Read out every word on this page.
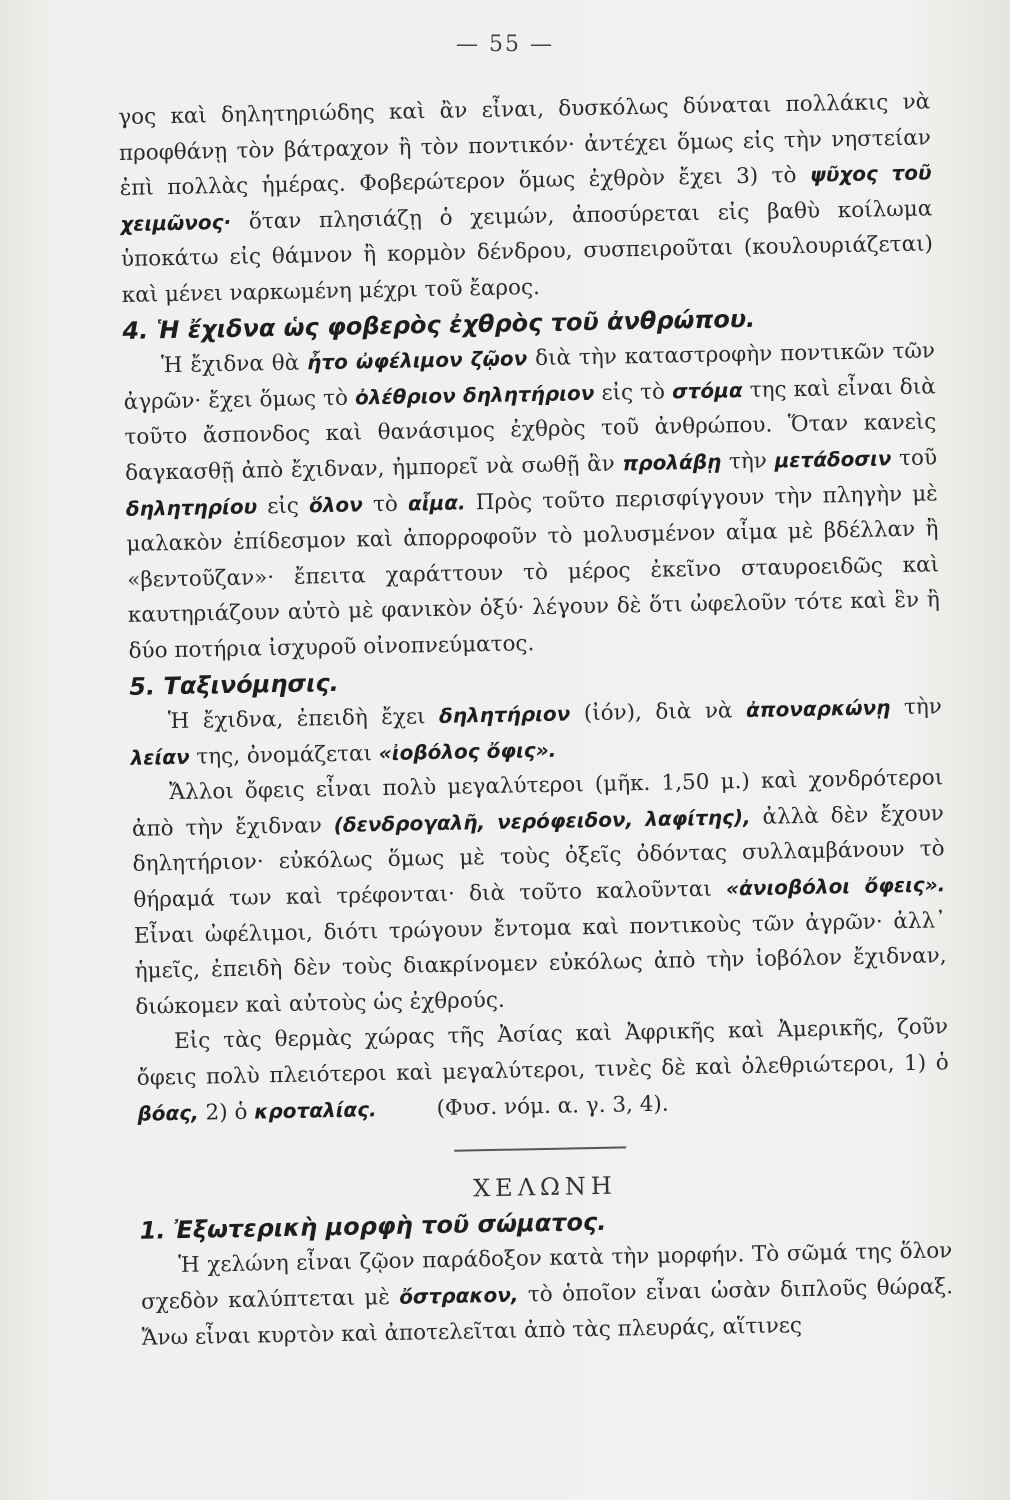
— 55 —

γος καὶ δηλητηριώδης καὶ ἂν εἶναι, δυσκόλως δύναται πολλάκις νὰ προφθάνῃ τὸν βάτραχον ἢ τὸν ποντικόν· ἀντέχει ὅμως εἰς τὴν νηστείαν ἐπὶ πολλὰς ἡμέρας. Φοβερώτερον ὅμως ἐχθρὸν ἔχει 3) τὸ ψῦχος τοῦ χειμῶνος· ὅταν πλησιάζῃ ὁ χειμών, ἀποσύρεται εἰς βαθὺ κοίλωμα ὑποκάτω εἰς θάμνον ἢ κορμὸν δένδρου, συσπειροῦται (κουλουριάζεται) καὶ μένει ναρκωμένη μέχρι τοῦ ἔαρος.

4. Ἡ ἔχιδνα ὡς φοβερὸς ἐχθρὸς τοῦ ἀνθρώπου.

Ἡ ἔχιδνα θὰ ἦτο ὠφέλιμον ζῷον διὰ τὴν καταστροφὴν ποντικῶν τῶν ἀγρῶν· ἔχει ὅμως τὸ ὀλέθριον δηλητήριον εἰς τὸ στόμα της καὶ εἶναι διὰ τοῦτο ἄσπονδος καὶ θανάσιμος ἐχθρὸς τοῦ ἀνθρώπου. Ὅταν κανεὶς δαγκασθῇ ἀπὸ ἔχιδναν, ἠμπορεῖ νὰ σωθῇ ἂν προλάβῃ τὴν μετάδοσιν τοῦ δηλητηρίου εἰς ὅλον τὸ αἷμα. Πρὸς τοῦτο περισφίγγουν τὴν πληγὴν μὲ μαλακὸν ἐπίδεσμον καὶ ἀπορροφοῦν τὸ μολυσμένον αἷμα μὲ βδέλλαν ἢ «βεντοῦζαν»· ἔπειτα χαράττουν τὸ μέρος ἐκεῖνο σταυροειδῶς καὶ καυτηριάζουν αὐτὸ μὲ φανικὸν ὀξύ· λέγουν δὲ ὅτι ὠφελοῦν τότε καὶ ἓν ἢ δύο ποτήρια ἰσχυροῦ οἰνοπνεύματος.

5. Ταξινόμησις.

Ἡ ἔχιδνα, ἐπειδὴ ἔχει δηλητήριον (ἰόν), διὰ νὰ ἀποναρκώνῃ τὴν λείαν της, ὀνομάζεται «ἰοβόλος ὄφις».

Ἄλλοι ὄφεις εἶναι πολὺ μεγαλύτεροι (μῆκ. 1,50 μ.) καὶ χονδρότεροι ἀπὸ τὴν ἔχιδναν (δενδρογαλῆ, νερόφειδον, λαφίτης), ἀλλὰ δὲν ἔχουν δηλητήριον· εὐκόλως ὅμως μὲ τοὺς ὀξεῖς ὀδόντας συλλαμβάνουν τὸ θήραμά των καὶ τρέφονται· διὰ τοῦτο καλοῦνται «ἀνιοβόλοι ὄφεις». Εἶναι ὠφέλιμοι, διότι τρώγουν ἔντομα καὶ ποντικοὺς τῶν ἀγρῶν· ἀλλ᾽ ἡμεῖς, ἐπειδὴ δὲν τοὺς διακρίνομεν εὐκόλως ἀπὸ τὴν ἰοβόλον ἔχιδναν, διώκομεν καὶ αὐτοὺς ὡς ἐχθρούς.

Εἰς τὰς θερμὰς χώρας τῆς Ἀσίας καὶ Ἀφρικῆς καὶ Ἀμερικῆς, ζοῦν ὄφεις πολὺ πλειότεροι καὶ μεγαλύτεροι, τινὲς δὲ καὶ ὀλεθριώτεροι, 1) ὁ βόας, 2) ὁ κροταλίας.	(Φυσ. νόμ. α. γ. 3, 4).

ΧΕΛΩΝΗ

1. Ἐξωτερικὴ μορφὴ τοῦ σώματος.

Ἡ χελώνη εἶναι ζῷον παράδοξον κατὰ τὴν μορφήν. Τὸ σῶμά της ὅλον σχεδὸν καλύπτεται μὲ ὄστρακον, τὸ ὁποῖον εἶναι ὡσὰν διπλοῦς θώραξ. Ἄνω εἶναι κυρτὸν καὶ ἀποτελεῖται ἀπὸ τὰς πλευράς, αἵτινες
